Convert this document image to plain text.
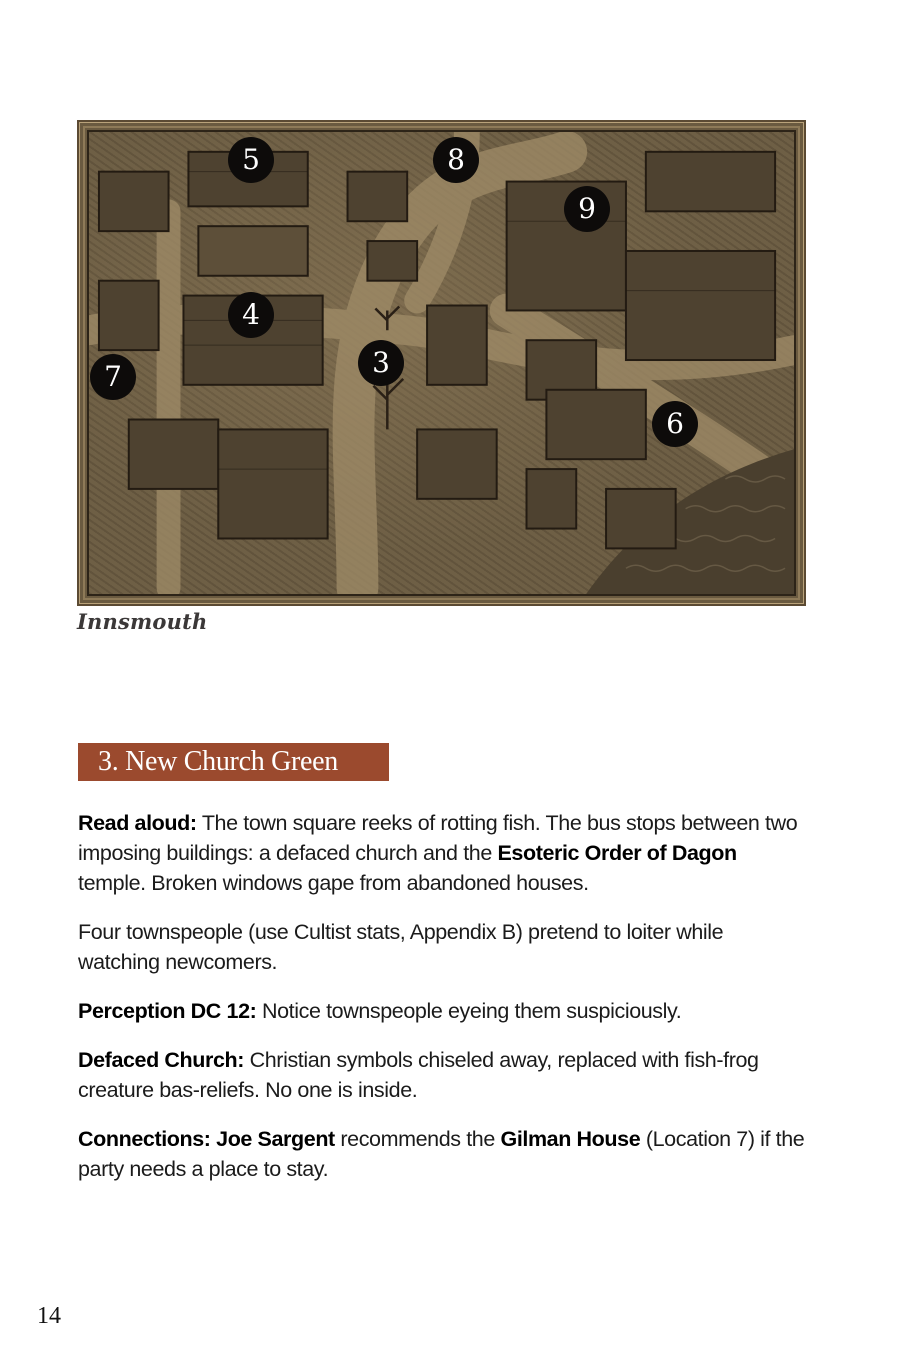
5	8
9
4
3
7
6
Innsmouth
3. New Church Green

Read aloud: The town square reeks of rotting fish. The bus stops between two imposing buildings: a defaced church and the Esoteric Order of Dagon temple. Broken windows gape from abandoned houses.

Four townspeople (use Cultist stats, Appendix B) pretend to loiter while watching newcomers.

Perception DC 12: Notice townspeople eyeing them suspiciously.

Defaced Church: Christian symbols chiseled away, replaced with fish-frog creature bas-reliefs. No one is inside.

Connections: Joe Sargent recommends the Gilman House (Location 7) if the party needs a place to stay.

14
